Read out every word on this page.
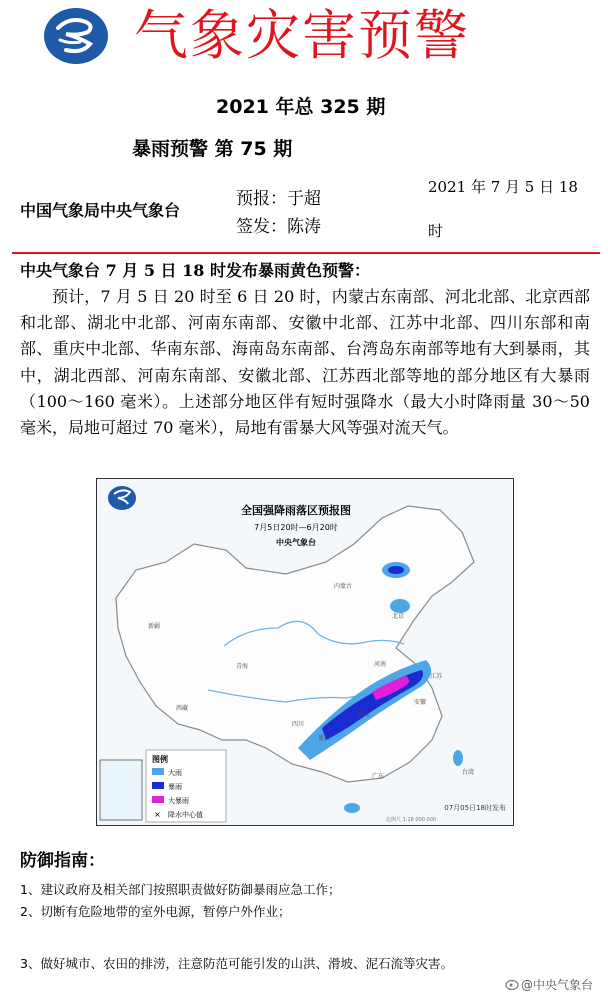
气象灾害预警
2021 年总 325 期
暴雨预警 第 75 期
中国气象局中央气象台
预报：于超
签发：陈涛
2021 年 7 月 5 日 18
时
中央气象台 7 月 5 日 18 时发布暴雨黄色预警：

预计，7 月 5 日 20 时至 6 日 20 时，内蒙古东南部、河北北部、北京西部和北部、湖北中北部、河南东南部、安徽中北部、江苏中北部、四川东部和南部、重庆中北部、华南东部、海南岛东南部、台湾岛东南部等地有大到暴雨，其中，湖北西部、河南东南部、安徽北部、江苏西北部等地的部分地区有大暴雨（100～160 毫米）。上述部分地区伴有短时强降水（最大小时降雨量 30～50 毫米，局地可超过 70 毫米），局地有雷暴大风等强对流天气。

新疆
西藏
青海
四川
内蒙古
北京
河南
湖北
安徽
江苏
重庆
广东
台湾
全国强降雨落区预报图
7月5日20时—6月20时
中央气象台
图例
大雨
暴雨
大暴雨
× 降水中心值
07月05日18时发布
比例尺 1:28 000 000
防御指南：
1、建议政府及相关部门按照职责做好防御暴雨应急工作；
2、切断有危险地带的室外电源，暂停户外作业；
3、做好城市、农田的排涝，注意防范可能引发的山洪、滑坡、泥石流等灾害。
@中央气象台
